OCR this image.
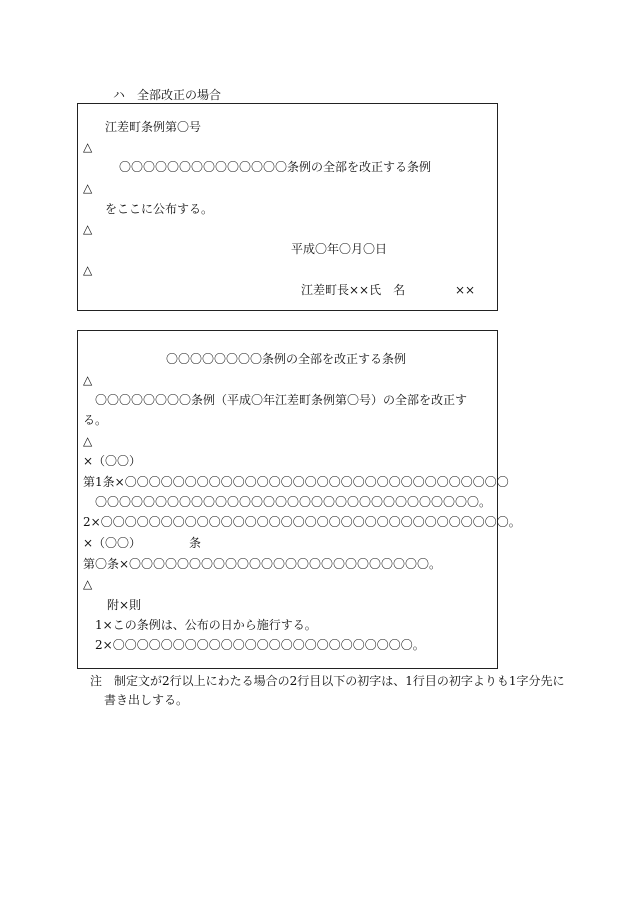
ハ　全部改正の場合
江差町条例第〇号
△
〇〇〇〇〇〇〇〇〇〇〇〇〇〇条例の全部を改正する条例
△
をここに公布する。
△
平成〇年〇月〇日
△
江差町長××氏　名	××
〇〇〇〇〇〇〇〇条例の全部を改正する条例
△
〇〇〇〇〇〇〇〇条例（平成〇年江差町条例第〇号）の全部を改正す
る。
△
×（〇〇）
第1条×〇〇〇〇〇〇〇〇〇〇〇〇〇〇〇〇〇〇〇〇〇〇〇〇〇〇〇〇〇〇〇〇
〇〇〇〇〇〇〇〇〇〇〇〇〇〇〇〇〇〇〇〇〇〇〇〇〇〇〇〇〇〇〇〇。
2×〇〇〇〇〇〇〇〇〇〇〇〇〇〇〇〇〇〇〇〇〇〇〇〇〇〇〇〇〇〇〇〇〇〇。
×（〇〇）	条
第〇条×〇〇〇〇〇〇〇〇〇〇〇〇〇〇〇〇〇〇〇〇〇〇〇〇〇。
△
附×則
1×この条例は、公布の日から施行する。
2×〇〇〇〇〇〇〇〇〇〇〇〇〇〇〇〇〇〇〇〇〇〇〇〇〇。
注　制定文が2行以上にわたる場合の2行目以下の初字は、1行目の初字よりも1字分先に
書き出しする。
